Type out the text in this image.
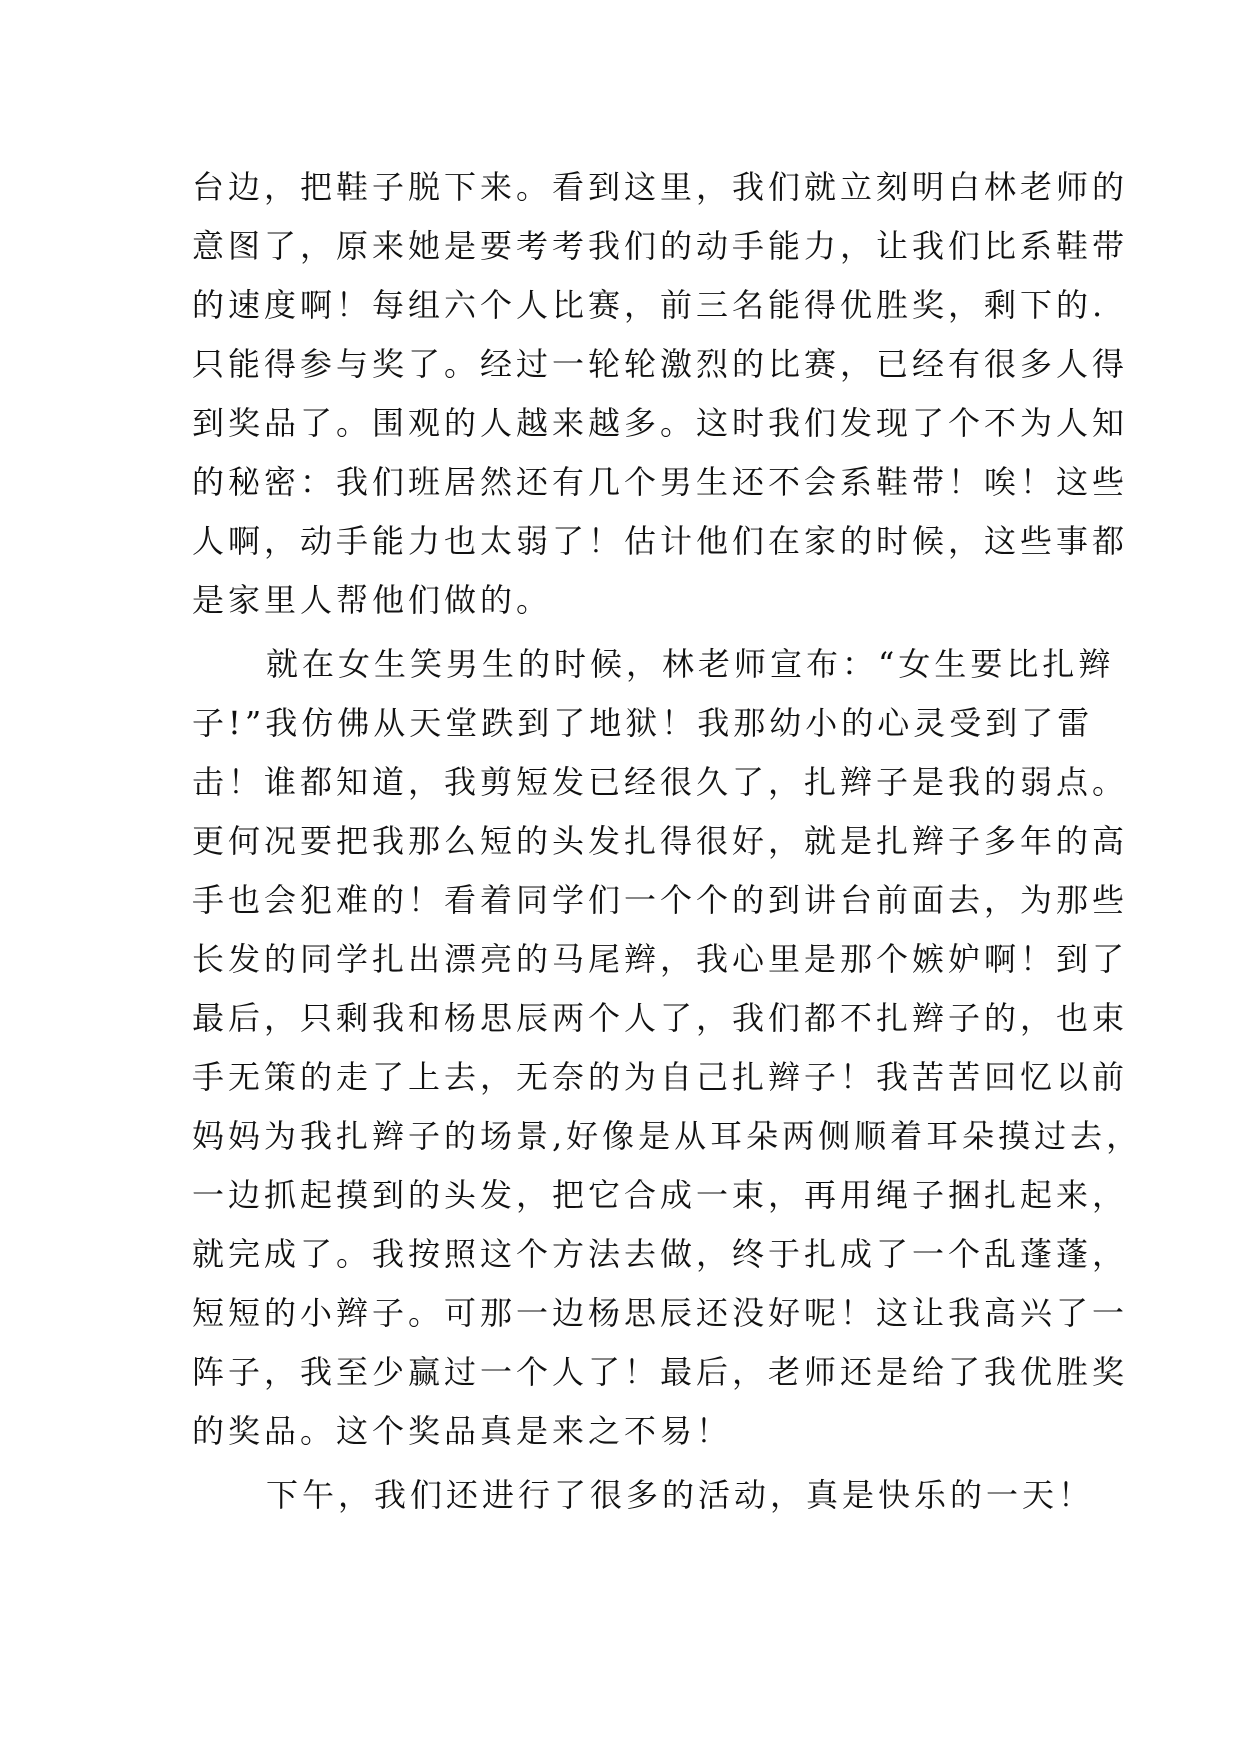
台边，把鞋子脱下来。看到这里，我们就立刻明白林老师的
意图了，原来她是要考考我们的动手能力，让我们比系鞋带
的速度啊！每组六个人比赛，前三名能得优胜奖，剩下的.
只能得参与奖了。经过一轮轮激烈的比赛，已经有很多人得
到奖品了。围观的人越来越多。这时我们发现了个不为人知
的秘密：我们班居然还有几个男生还不会系鞋带！唉！这些
人啊，动手能力也太弱了！估计他们在家的时候，这些事都
是家里人帮他们做的。
就在女生笑男生的时候，林老师宣布：“女生要比扎辫
子!”我仿佛从天堂跌到了地狱！我那幼小的心灵受到了雷
击！谁都知道，我剪短发已经很久了，扎辫子是我的弱点。
更何况要把我那么短的头发扎得很好，就是扎辫子多年的高
手也会犯难的！看着同学们一个个的到讲台前面去，为那些
长发的同学扎出漂亮的马尾辫，我心里是那个嫉妒啊！到了
最后，只剩我和杨思辰两个人了，我们都不扎辫子的，也束
手无策的走了上去，无奈的为自己扎辫子！我苦苦回忆以前
妈妈为我扎辫子的场景,好像是从耳朵两侧顺着耳朵摸过去，
一边抓起摸到的头发，把它合成一束，再用绳子捆扎起来，
就完成了。我按照这个方法去做，终于扎成了一个乱蓬蓬，
短短的小辫子。可那一边杨思辰还没好呢！这让我高兴了一
阵子，我至少赢过一个人了！最后，老师还是给了我优胜奖
的奖品。这个奖品真是来之不易！
下午，我们还进行了很多的活动，真是快乐的一天！
